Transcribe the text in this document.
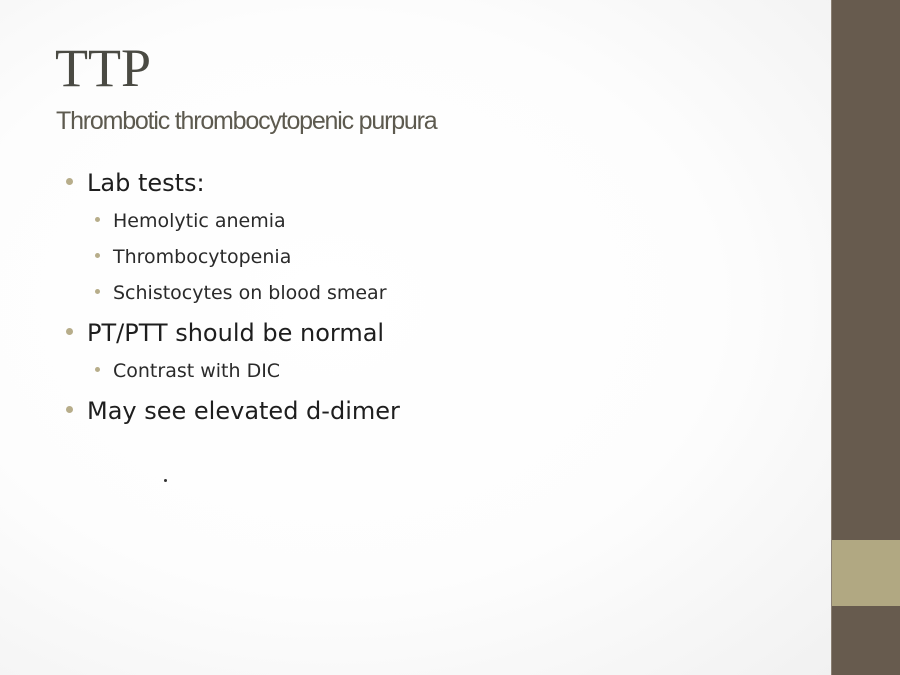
TTP
Thrombotic thrombocytopenic purpura
Lab tests:
Hemolytic anemia
Thrombocytopenia
Schistocytes on blood smear
PT/PTT should be normal
Contrast with DIC
May see elevated d-dimer
